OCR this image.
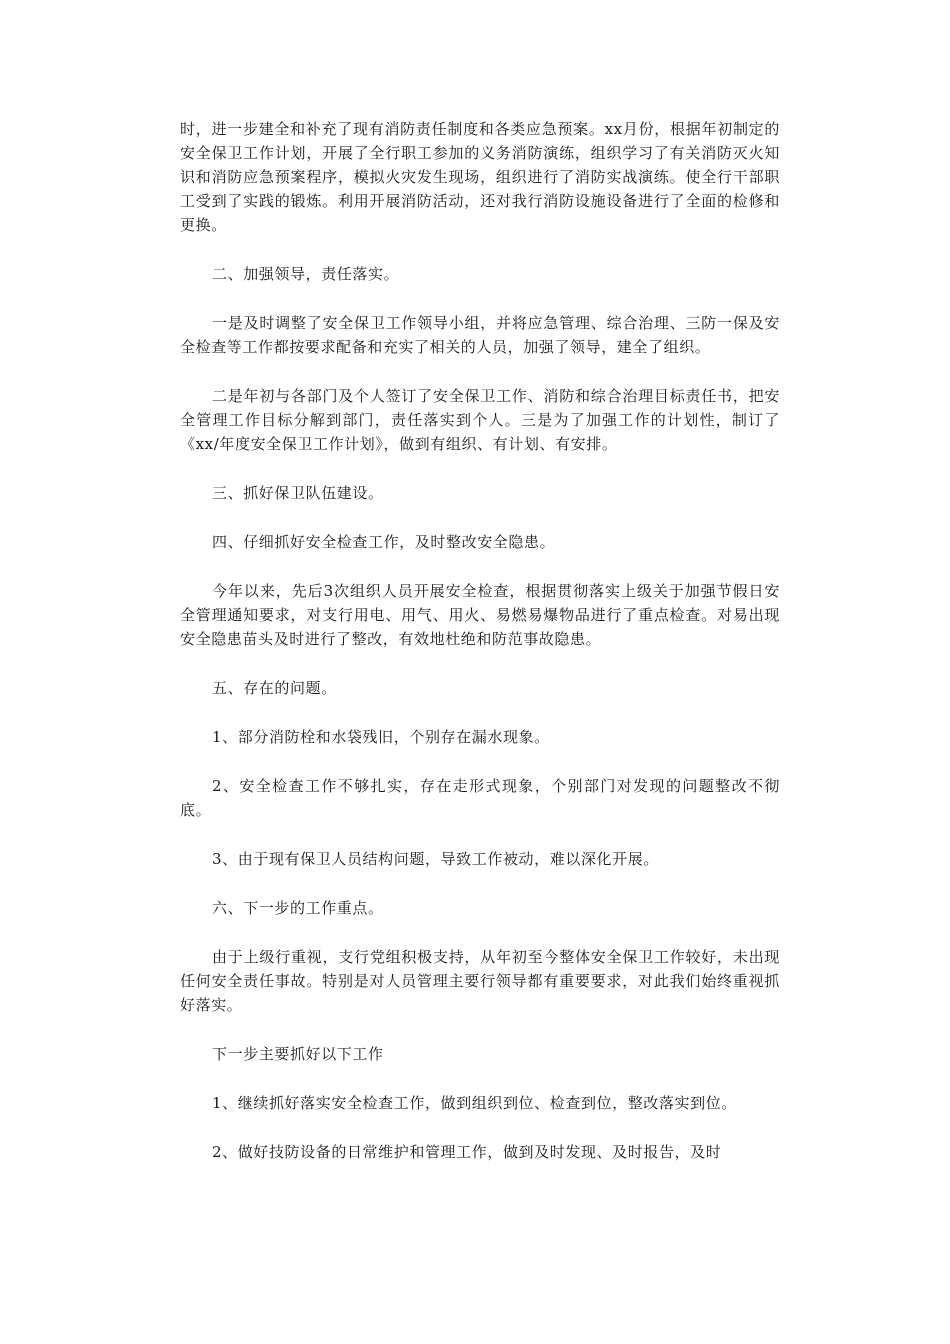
时，进一步建全和补充了现有消防责任制度和各类应急预案。xx月份，根据年初制定的安全保卫工作计划，开展了全行职工参加的义务消防演练，组织学习了有关消防灭火知识和消防应急预案程序，模拟火灾发生现场，组织进行了消防实战演练。使全行干部职工受到了实践的锻炼。利用开展消防活动，还对我行消防设施设备进行了全面的检修和更换。

二、加强领导，责任落实。

一是及时调整了安全保卫工作领导小组，并将应急管理、综合治理、三防一保及安全检查等工作都按要求配备和充实了相关的人员，加强了领导，建全了组织。

二是年初与各部门及个人签订了安全保卫工作、消防和综合治理目标责任书，把安全管理工作目标分解到部门，责任落实到个人。三是为了加强工作的计划性，制订了《xx/年度安全保卫工作计划》，做到有组织、有计划、有安排。

三、抓好保卫队伍建设。

四、仔细抓好安全检查工作，及时整改安全隐患。

今年以来，先后3次组织人员开展安全检查，根据贯彻落实上级关于加强节假日安全管理通知要求，对支行用电、用气、用火、易燃易爆物品进行了重点检查。对易出现安全隐患苗头及时进行了整改，有效地杜绝和防范事故隐患。

五、存在的问题。

1、部分消防栓和水袋残旧，个别存在漏水现象。

2、安全检查工作不够扎实，存在走形式现象，个别部门对发现的问题整改不彻底。

3、由于现有保卫人员结构问题，导致工作被动，难以深化开展。

六、下一步的工作重点。

由于上级行重视，支行党组积极支持，从年初至今整体安全保卫工作较好，未出现任何安全责任事故。特别是对人员管理主要行领导都有重要要求，对此我们始终重视抓好落实。

下一步主要抓好以下工作

1、继续抓好落实安全检查工作，做到组织到位、检查到位，整改落实到位。

2、做好技防设备的日常维护和管理工作，做到及时发现、及时报告，及时
